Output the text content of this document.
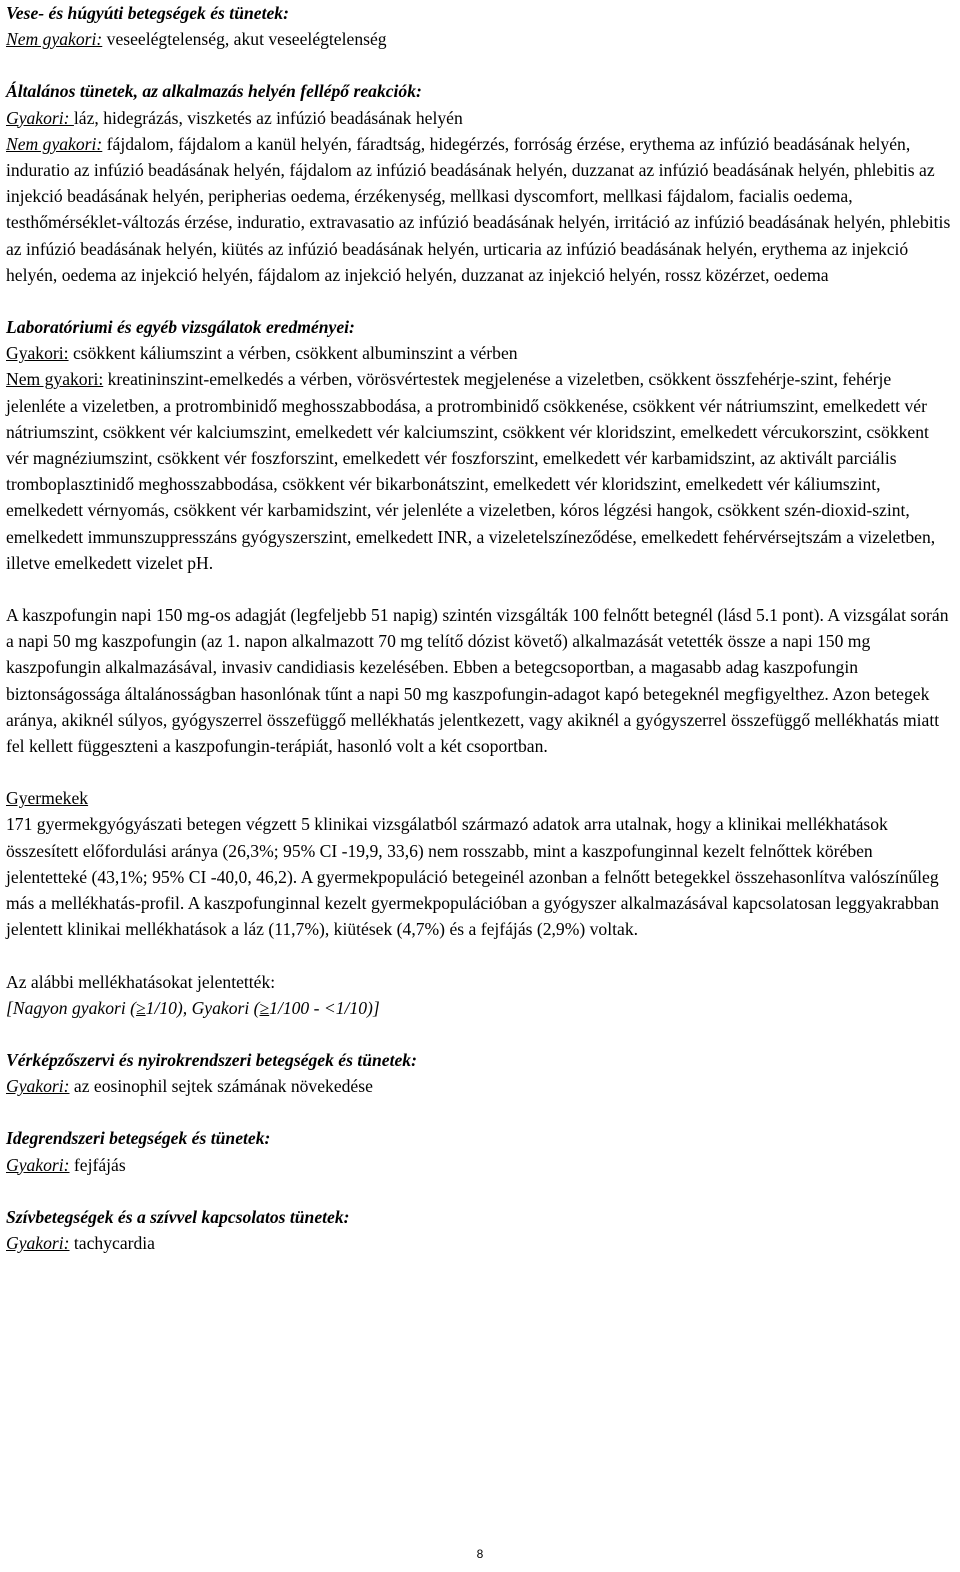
Vese- és húgyúti betegségek és tünetek:

Nem gyakori: veseelégtelenség, akut veseelégtelenség

Általános tünetek, az alkalmazás helyén fellépő reakciók:

Gyakori: láz, hidegrázás, viszketés az infúzió beadásának helyén

Nem gyakori: fájdalom, fájdalom a kanül helyén, fáradtság, hidegérzés, forróság érzése, erythema az infúzió beadásának helyén, induratio az infúzió beadásának helyén, fájdalom az infúzió beadásának helyén, duzzanat az infúzió beadásának helyén, phlebitis az injekció beadásának helyén, peripherias oedema, érzékenység, mellkasi dyscomfort, mellkasi fájdalom, facialis oedema, testhőmérséklet-változás érzése, induratio, extravasatio az infúzió beadásának helyén, irritáció az infúzió beadásának helyén, phlebitis az infúzió beadásának helyén, kiütés az infúzió beadásának helyén, urticaria az infúzió beadásának helyén, erythema az injekció helyén, oedema az injekció helyén, fájdalom az injekció helyén, duzzanat az injekció helyén, rossz közérzet, oedema

Laboratóriumi és egyéb vizsgálatok eredményei:

Gyakori: csökkent káliumszint a vérben, csökkent albuminszint a vérben

Nem gyakori: kreatininszint-emelkedés a vérben, vörösvértestek megjelenése a vizeletben, csökkent összfehérje-szint, fehérje jelenléte a vizeletben, a protrombinidő meghosszabbodása, a protrombinidő csökkenése, csökkent vér nátriumszint, emelkedett vér nátriumszint, csökkent vér kalciumszint, emelkedett vér kalciumszint, csökkent vér kloridszint, emelkedett vércukorszint, csökkent vér magnéziumszint, csökkent vér foszforszint, emelkedett vér foszforszint, emelkedett vér karbamidszint, az aktivált parciális tromboplasztinidő meghosszabbodása, csökkent vér bikarbonátszint, emelkedett vér kloridszint, emelkedett vér káliumszint, emelkedett vérnyomás, csökkent vér karbamidszint, vér jelenléte a vizeletben, kóros légzési hangok, csökkent szén-dioxid-szint, emelkedett immunszuppresszáns gyógyszerszint, emelkedett INR, a vizeletelszíneződése, emelkedett fehérvérsejtszám a vizeletben, illetve emelkedett vizelet pH.

A kaszpofungin napi 150 mg-os adagját (legfeljebb 51 napig) szintén vizsgálták 100 felnőtt betegnél (lásd 5.1 pont). A vizsgálat során a napi 50 mg kaszpofungin (az 1. napon alkalmazott 70 mg telítő dózist követő) alkalmazását vetették össze a napi 150 mg kaszpofungin alkalmazásával, invasiv candidiasis kezelésében. Ebben a betegcsoportban, a magasabb adag kaszpofungin biztonságossága általánosságban hasonlónak tűnt a napi 50 mg kaszpofungin-adagot kapó betegeknél megfigyelthez. Azon betegek aránya, akiknél súlyos, gyógyszerrel összefüggő mellékhatás jelentkezett, vagy akiknél a gyógyszerrel összefüggő mellékhatás miatt fel kellett függeszteni a kaszpofungin-terápiát, hasonló volt a két csoportban.

Gyermekek

171 gyermekgyógyászati betegen végzett 5 klinikai vizsgálatból származó adatok arra utalnak, hogy a klinikai mellékhatások összesített előfordulási aránya (26,3%; 95% CI -19,9, 33,6) nem rosszabb, mint a kaszpofunginnal kezelt felnőttek körében jelentetteké (43,1%; 95% CI -40,0, 46,2). A gyermekpopuláció betegeinél azonban a felnőtt betegekkel összehasonlítva valószínűleg más a mellékhatás-profil. A kaszpofunginnal kezelt gyermekpopulációban a gyógyszer alkalmazásával kapcsolatosan leggyakrabban jelentett klinikai mellékhatások a láz (11,7%), kiütések (4,7%) és a fejfájás (2,9%) voltak.

Az alábbi mellékhatásokat jelentették:

[Nagyon gyakori (≥1/10), Gyakori (≥1/100 - <1/10)]

Vérképzőszervi és nyirokrendszeri betegségek és tünetek:

Gyakori: az eosinophil sejtek számának növekedése

Idegrendszeri betegségek és tünetek:

Gyakori: fejfájás

Szívbetegségek és a szívvel kapcsolatos tünetek:

Gyakori: tachycardia

8
